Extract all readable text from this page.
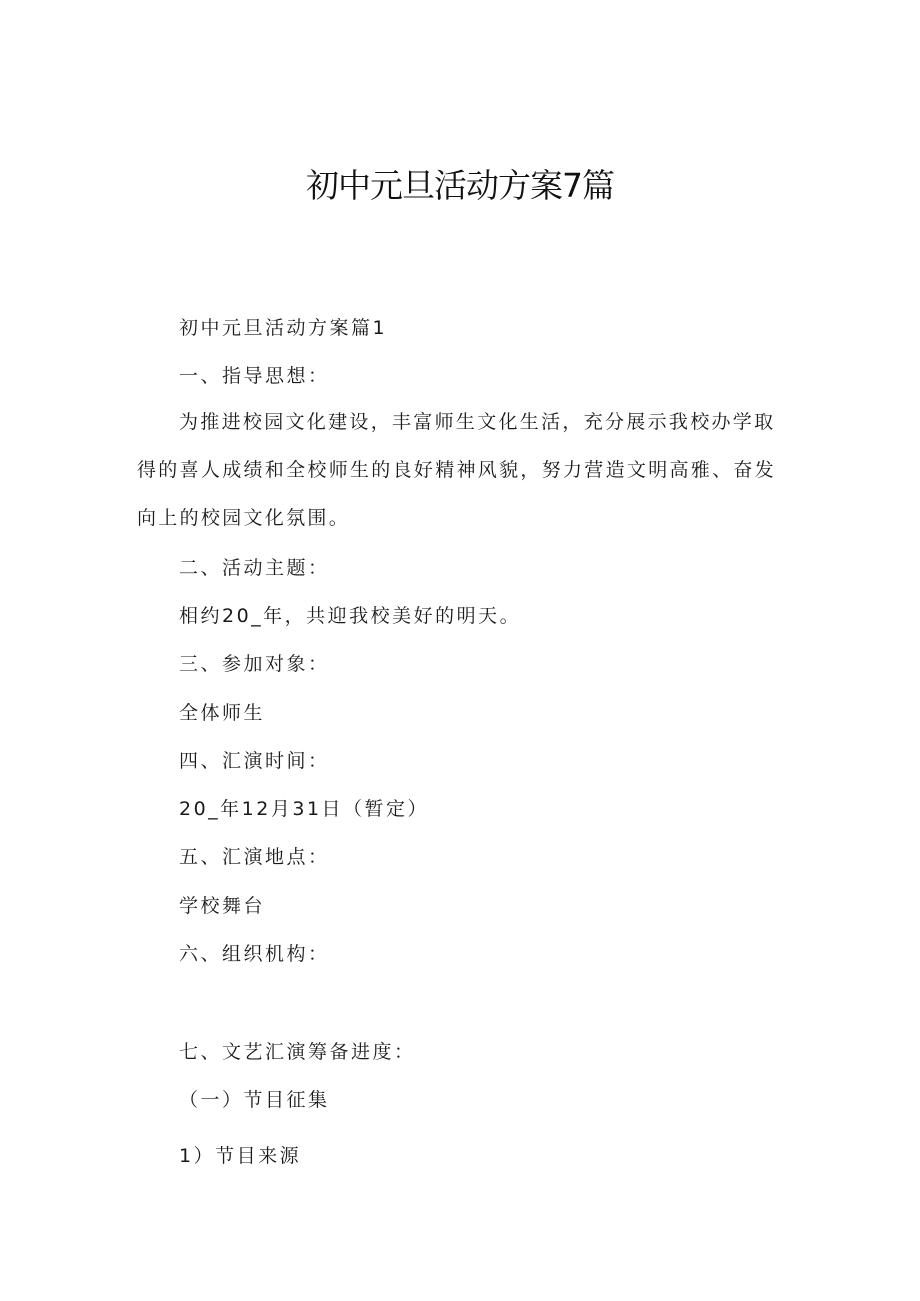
初中元旦活动方案7篇
初中元旦活动方案篇1
一、指导思想：

为推进校园文化建设，丰富师生文化生活，充分展示我校办学取得的喜人成绩和全校师生的良好精神风貌，努力营造文明高雅、奋发向上的校园文化氛围。

二、活动主题：
相约20_年，共迎我校美好的明天。
三、参加对象：
全体师生
四、汇演时间：
20_年12月31日（暂定）
五、汇演地点：
学校舞台
六、组织机构：
七、文艺汇演筹备进度：
（一）节目征集
1）节目来源
